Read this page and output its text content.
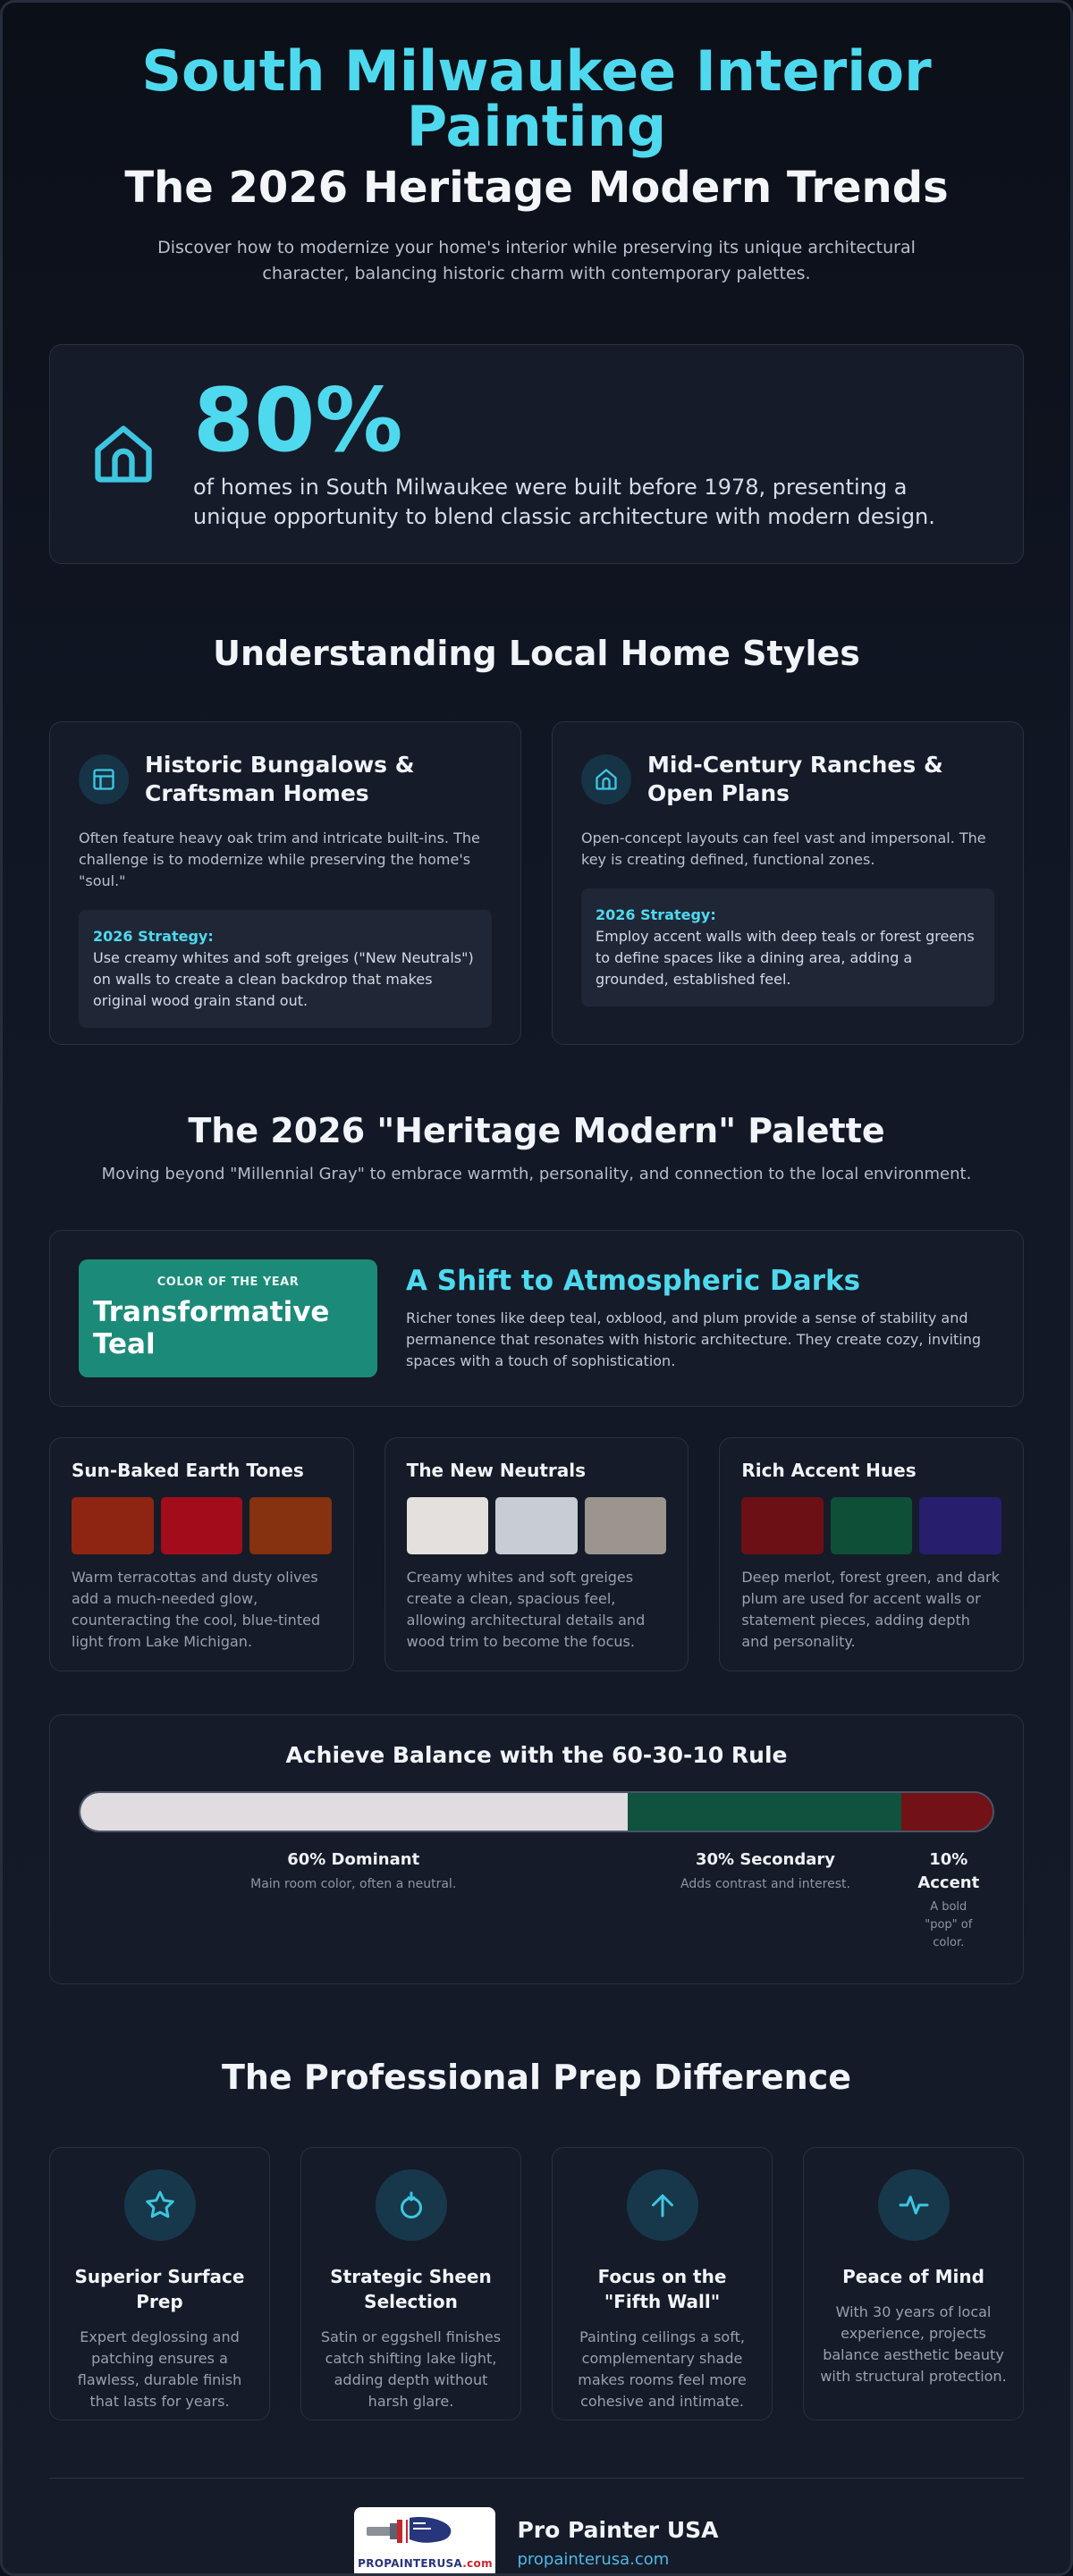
South Milwaukee Interior Painting
The 2026 Heritage Modern Trends

Discover how to modernize your home's interior while preserving its unique architectural character, balancing historic charm with contemporary palettes.

80%
of homes in South Milwaukee were built before 1978, presenting a unique opportunity to blend classic architecture with modern design.
Understanding Local Home Styles
Historic Bungalows & Craftsman Homes

Often feature heavy oak trim and intricate built-ins. The challenge is to modernize while preserving the home's "soul."

2026 Strategy:
Use creamy whites and soft greiges ("New Neutrals") on walls to create a clean backdrop that makes original wood grain stand out.
Mid-Century Ranches & Open Plans

Open-concept layouts can feel vast and impersonal. The key is creating defined, functional zones.

2026 Strategy:
Employ accent walls with deep teals or forest greens to define spaces like a dining area, adding a grounded, established feel.
The 2026 "Heritage Modern" Palette

Moving beyond "Millennial Gray" to embrace warmth, personality, and connection to the local environment.

COLOR OF THE YEAR
Transformative Teal
A Shift to Atmospheric Darks

Richer tones like deep teal, oxblood, and plum provide a sense of stability and permanence that resonates with historic architecture. They create cozy, inviting spaces with a touch of sophistication.

Sun-Baked Earth Tones

Warm terracottas and dusty olives add a much-needed glow, counteracting the cool, blue-tinted light from Lake Michigan.

The New Neutrals

Creamy whites and soft greiges create a clean, spacious feel, allowing architectural details and wood trim to become the focus.

Rich Accent Hues

Deep merlot, forest green, and dark plum are used for accent walls or statement pieces, adding depth and personality.

Achieve Balance with the 60-30-10 Rule
60% Dominant
Main room color, often a neutral.
30% Secondary
Adds contrast and interest.
10% Accent
A bold "pop" of color.
The Professional Prep Difference
Superior Surface Prep

Expert deglossing and patching ensures a flawless, durable finish that lasts for years.

Strategic Sheen Selection

Satin or eggshell finishes catch shifting lake light, adding depth without harsh glare.

Focus on the "Fifth Wall"

Painting ceilings a soft, complementary shade makes rooms feel more cohesive and intimate.

Peace of Mind

With 30 years of local experience, projects balance aesthetic beauty with structural protection.

PROPAINTERUSA.com
Pro Painter USA
propainterusa.com
